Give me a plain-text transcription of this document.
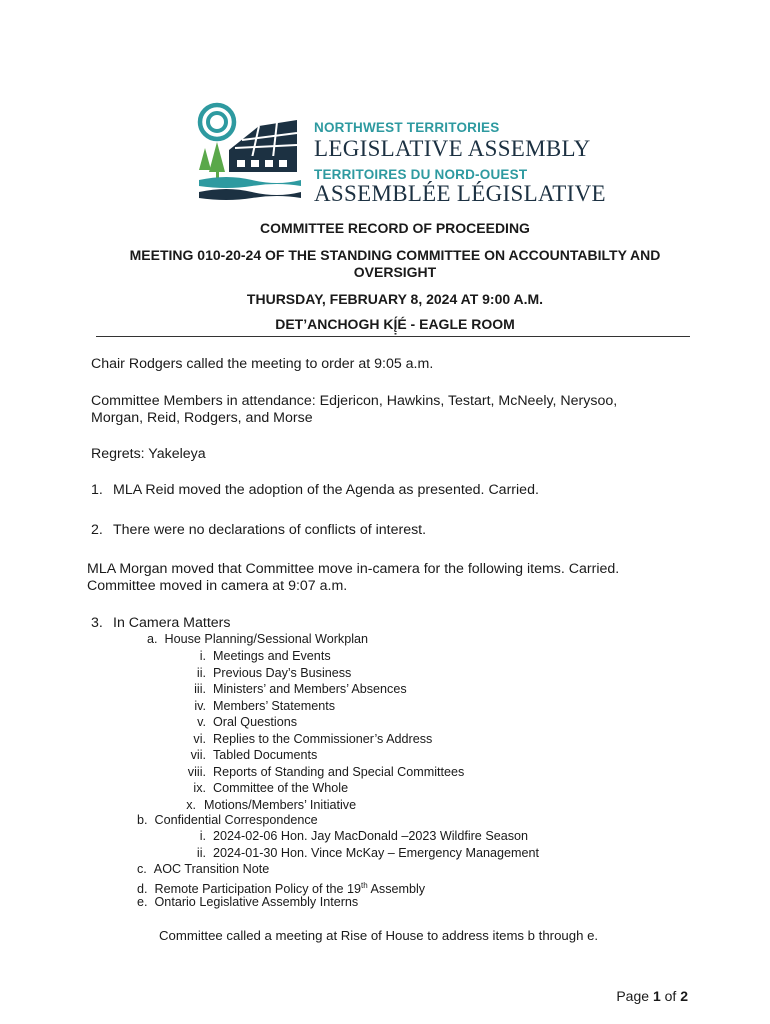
NORTHWEST TERRITORIES
LEGISLATIVE ASSEMBLY
TERRITOIRES DU NORD-OUEST
ASSEMBLÉE LÉGISLATIVE
COMMITTEE RECORD OF PROCEEDING
MEETING 010-20-24 OF THE STANDING COMMITTEE ON ACCOUNTABILTY AND
OVERSIGHT
THURSDAY, FEBRUARY 8, 2024 AT 9:00 A.M.
DET’ANCHOGH KĮ̣́É - EAGLE ROOM
Chair Rodgers called the meeting to order at 9:05 a.m.
Committee Members in attendance: Edjericon, Hawkins, Testart, McNeely, Nerysoo,
Morgan, Reid, Rodgers, and Morse
Regrets: Yakeleya
1. MLA Reid moved the adoption of the Agenda as presented. Carried.
2. There were no declarations of conflicts of interest.
MLA Morgan moved that Committee move in-camera for the following items. Carried.
Committee moved in camera at 9:07 a.m.
3. In Camera Matters
a. House Planning/Sessional Workplan
i. Meetings and Events
ii. Previous Day’s Business
iii. Ministers’ and Members’ Absences
iv. Members’ Statements
v. Oral Questions
vi. Replies to the Commissioner’s Address
vii. Tabled Documents
viii. Reports of Standing and Special Committees
ix. Committee of the Whole
x. Motions/Members’ Initiative
b. Confidential Correspondence
i. 2024-02-06 Hon. Jay MacDonald –2023 Wildfire Season
ii. 2024-01-30 Hon. Vince McKay – Emergency Management
c. AOC Transition Note
d. Remote Participation Policy of the 19th Assembly
e. Ontario Legislative Assembly Interns
Committee called a meeting at Rise of House to address items b through e.
Page 1 of 2
